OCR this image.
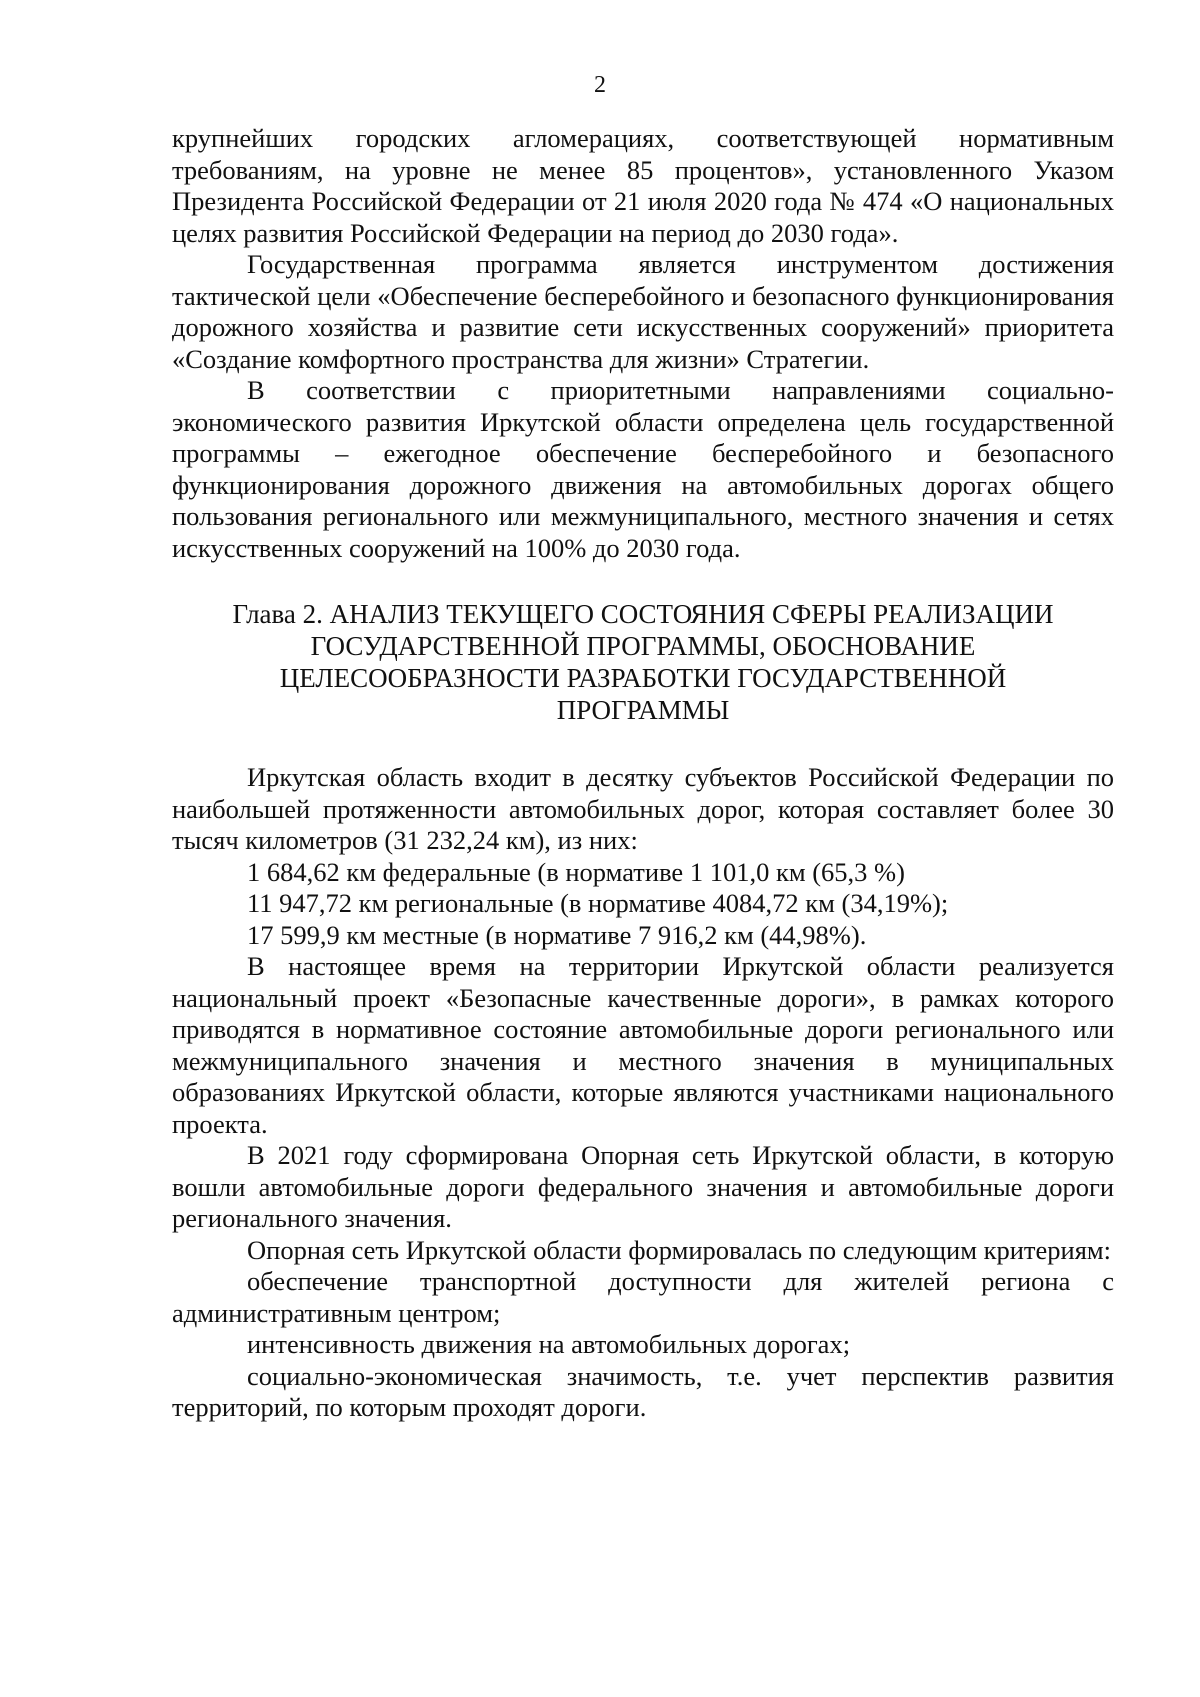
2

крупнейших городских агломерациях, соответствующей нормативным требованиям, на уровне не менее 85 процентов», установленного Указом Президента Российской Федерации от 21 июля 2020 года № 474 «О национальных целях развития Российской Федерации на период до 2030 года».

Государственная программа является инструментом достижения тактической цели «Обеспечение бесперебойного и безопасного функционирования дорожного хозяйства и развитие сети искусственных сооружений» приоритета «Создание комфортного пространства для жизни» Стратегии.

В соответствии с приоритетными направлениями социально-экономического развития Иркутской области определена цель государственной программы – ежегодное обеспечение бесперебойного и безопасного функционирования дорожного движения на автомобильных дорогах общего пользования регионального или межмуниципального, местного значения и сетях искусственных сооружений на 100% до 2030 года.

Глава 2. АНАЛИЗ ТЕКУЩЕГО СОСТОЯНИЯ СФЕРЫ РЕАЛИЗАЦИИ
ГОСУДАРСТВЕННОЙ ПРОГРАММЫ, ОБОСНОВАНИЕ
ЦЕЛЕСООБРАЗНОСТИ РАЗРАБОТКИ ГОСУДАРСТВЕННОЙ
ПРОГРАММЫ

Иркутская область входит в десятку субъектов Российской Федерации по наибольшей протяженности автомобильных дорог, которая составляет более 30 тысяч километров (31 232,24 км), из них:

1 684,62 км федеральные (в нормативе 1 101,0 км (65,3 %)

11 947,72 км региональные (в нормативе 4084,72 км (34,19%);

17 599,9 км местные (в нормативе 7 916,2 км (44,98%).

В настоящее время на территории Иркутской области реализуется национальный проект «Безопасные качественные дороги», в рамках которого приводятся в нормативное состояние автомобильные дороги регионального или межмуниципального значения и местного значения в муниципальных образованиях Иркутской области, которые являются участниками национального проекта.

В 2021 году сформирована Опорная сеть Иркутской области, в которую вошли автомобильные дороги федерального значения и автомобильные дороги регионального значения.

Опорная сеть Иркутской области формировалась по следующим критериям:

обеспечение транспортной доступности для жителей региона с административным центром;

интенсивность движения на автомобильных дорогах;

социально-экономическая значимость, т.е. учет перспектив развития территорий, по которым проходят дороги.
